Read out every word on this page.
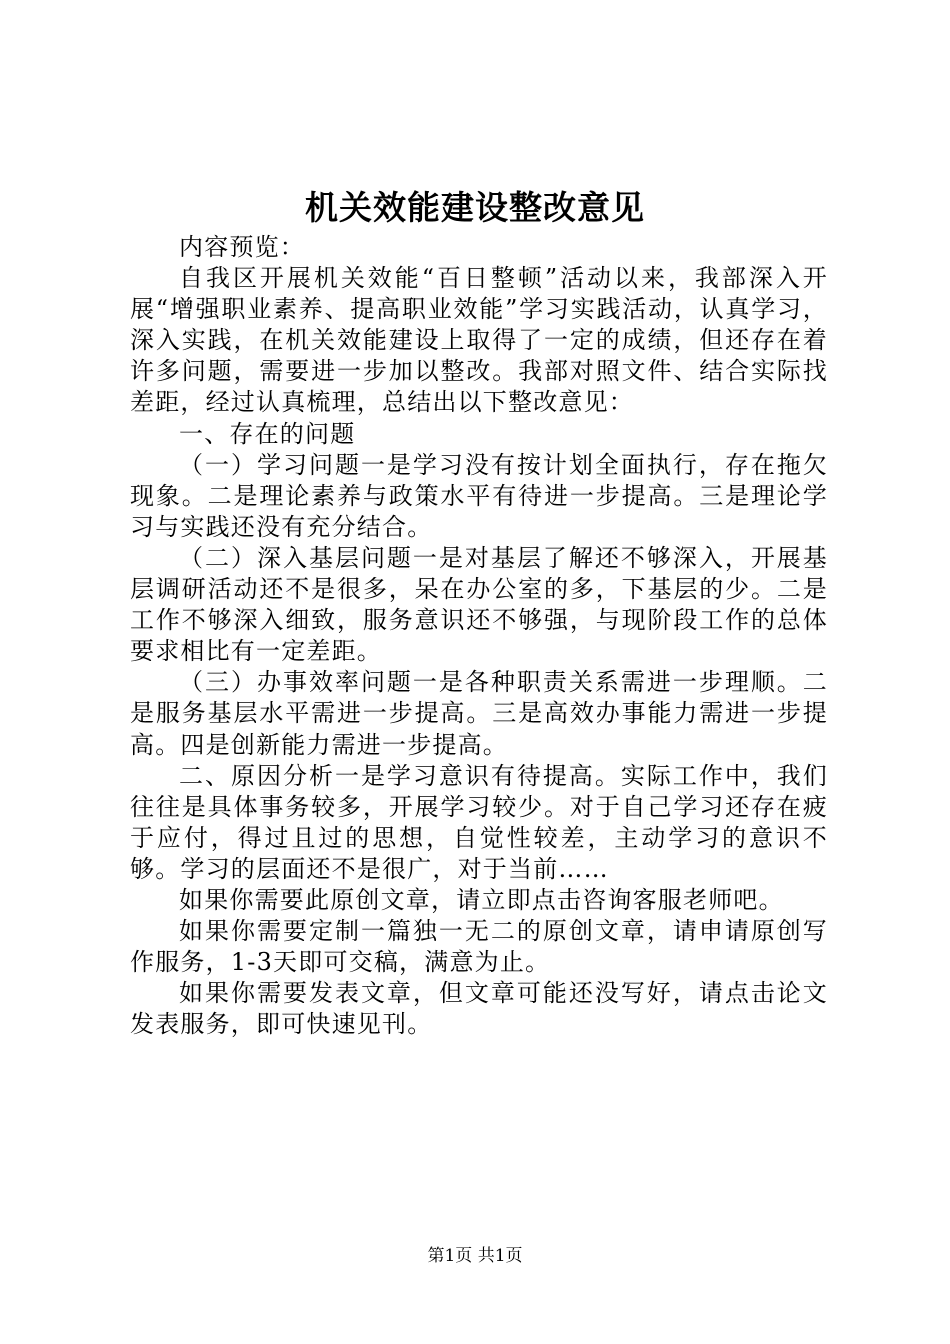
机关效能建设整改意见

内容预览：

自我区开展机关效能“百日整顿”活动以来，我部深入开展“增强职业素养、提高职业效能”学习实践活动，认真学习，深入实践，在机关效能建设上取得了一定的成绩，但还存在着许多问题，需要进一步加以整改。我部对照文件、结合实际找差距，经过认真梳理，总结出以下整改意见：

一、存在的问题

（一）学习问题一是学习没有按计划全面执行，存在拖欠现象。二是理论素养与政策水平有待进一步提高。三是理论学习与实践还没有充分结合。

（二）深入基层问题一是对基层了解还不够深入，开展基层调研活动还不是很多，呆在办公室的多，下基层的少。二是工作不够深入细致，服务意识还不够强，与现阶段工作的总体要求相比有一定差距。

（三）办事效率问题一是各种职责关系需进一步理顺。二是服务基层水平需进一步提高。三是高效办事能力需进一步提高。四是创新能力需进一步提高。

二、原因分析一是学习意识有待提高。实际工作中，我们往往是具体事务较多，开展学习较少。对于自己学习还存在疲于应付，得过且过的思想，自觉性较差，主动学习的意识不够。学习的层面还不是很广，对于当前……

如果你需要此原创文章，请立即点击咨询客服老师吧。

如果你需要定制一篇独一无二的原创文章，请申请原创写作服务，1-3天即可交稿，满意为止。

如果你需要发表文章，但文章可能还没写好，请点击论文发表服务，即可快速见刊。

第1页 共1页
